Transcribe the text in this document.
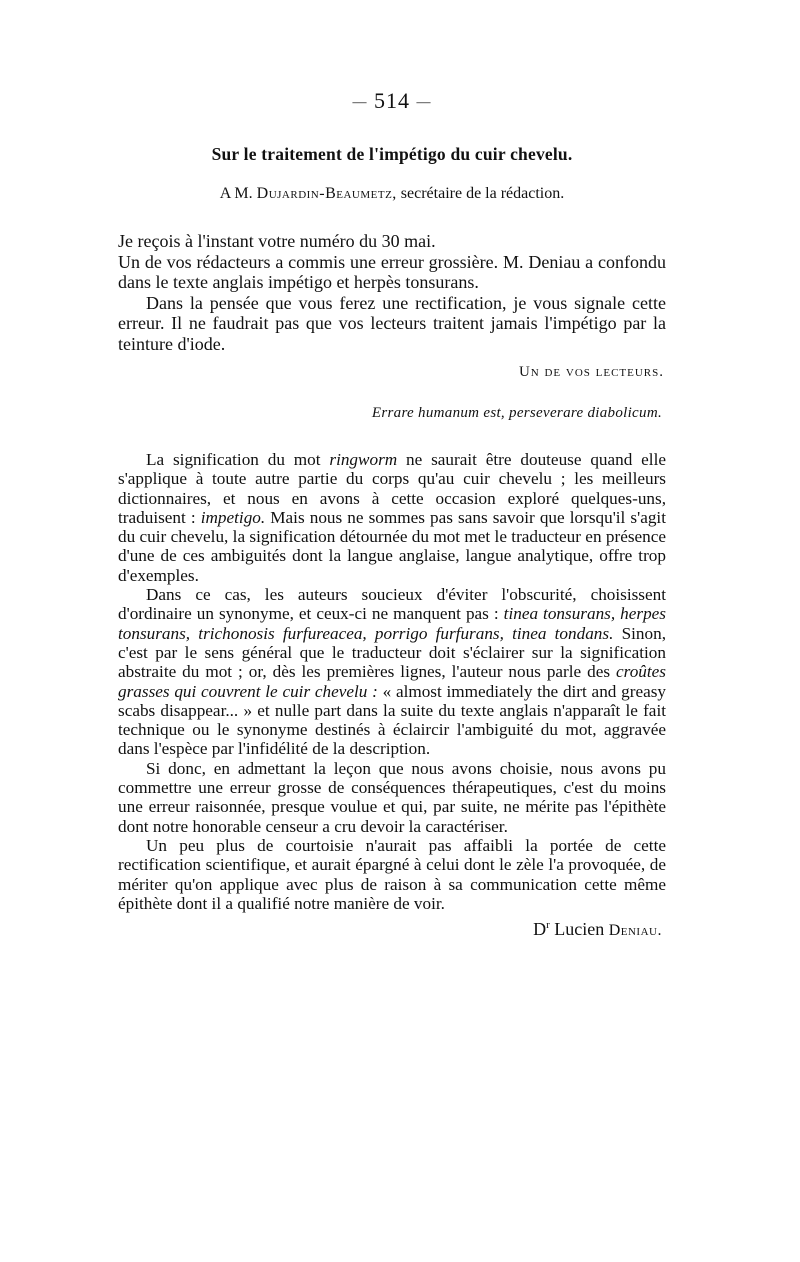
— 514 —
Sur le traitement de l'impétigo du cuir chevelu.
A M. Dujardin-Beaumetz, secrétaire de la rédaction.

Je reçois à l'instant votre numéro du 30 mai.

Un de vos rédacteurs a commis une erreur grossière. M. Deniau a confondu dans le texte anglais impétigo et herpès tonsurans.

Dans la pensée que vous ferez une rectification, je vous signale cette erreur. Il ne faudrait pas que vos lecteurs traitent jamais l'impétigo par la teinture d'iode.

Un de vos lecteurs.
Errare humanum est, perseverare diabolicum.

La signification du mot ringworm ne saurait être douteuse quand elle s'applique à toute autre partie du corps qu'au cuir chevelu ; les meilleurs dictionnaires, et nous en avons à cette occasion exploré quelques-uns, traduisent : impetigo. Mais nous ne sommes pas sans savoir que lorsqu'il s'agit du cuir chevelu, la signification détournée du mot met le traducteur en présence d'une de ces ambiguités dont la langue anglaise, langue analytique, offre trop d'exemples.

Dans ce cas, les auteurs soucieux d'éviter l'obscurité, choisissent d'ordinaire un synonyme, et ceux-ci ne manquent pas : tinea tonsurans, herpes tonsurans, trichonosis furfureacea, porrigo furfurans, tinea tondans. Sinon, c'est par le sens général que le traducteur doit s'éclairer sur la signification abstraite du mot ; or, dès les premières lignes, l'auteur nous parle des croûtes grasses qui couvrent le cuir chevelu : « almost immediately the dirt and greasy scabs disappear... » et nulle part dans la suite du texte anglais n'apparaît le fait technique ou le synonyme destinés à éclaircir l'ambiguité du mot, aggravée dans l'espèce par l'infidélité de la description.

Si donc, en admettant la leçon que nous avons choisie, nous avons pu commettre une erreur grosse de conséquences thérapeutiques, c'est du moins une erreur raisonnée, presque voulue et qui, par suite, ne mérite pas l'épithète dont notre honorable censeur a cru devoir la caractériser.

Un peu plus de courtoisie n'aurait pas affaibli la portée de cette rectification scientifique, et aurait épargné à celui dont le zèle l'a provoquée, de mériter qu'on applique avec plus de raison à sa communication cette même épithète dont il a qualifié notre manière de voir.

$D^r$ Lucien Deniau.
